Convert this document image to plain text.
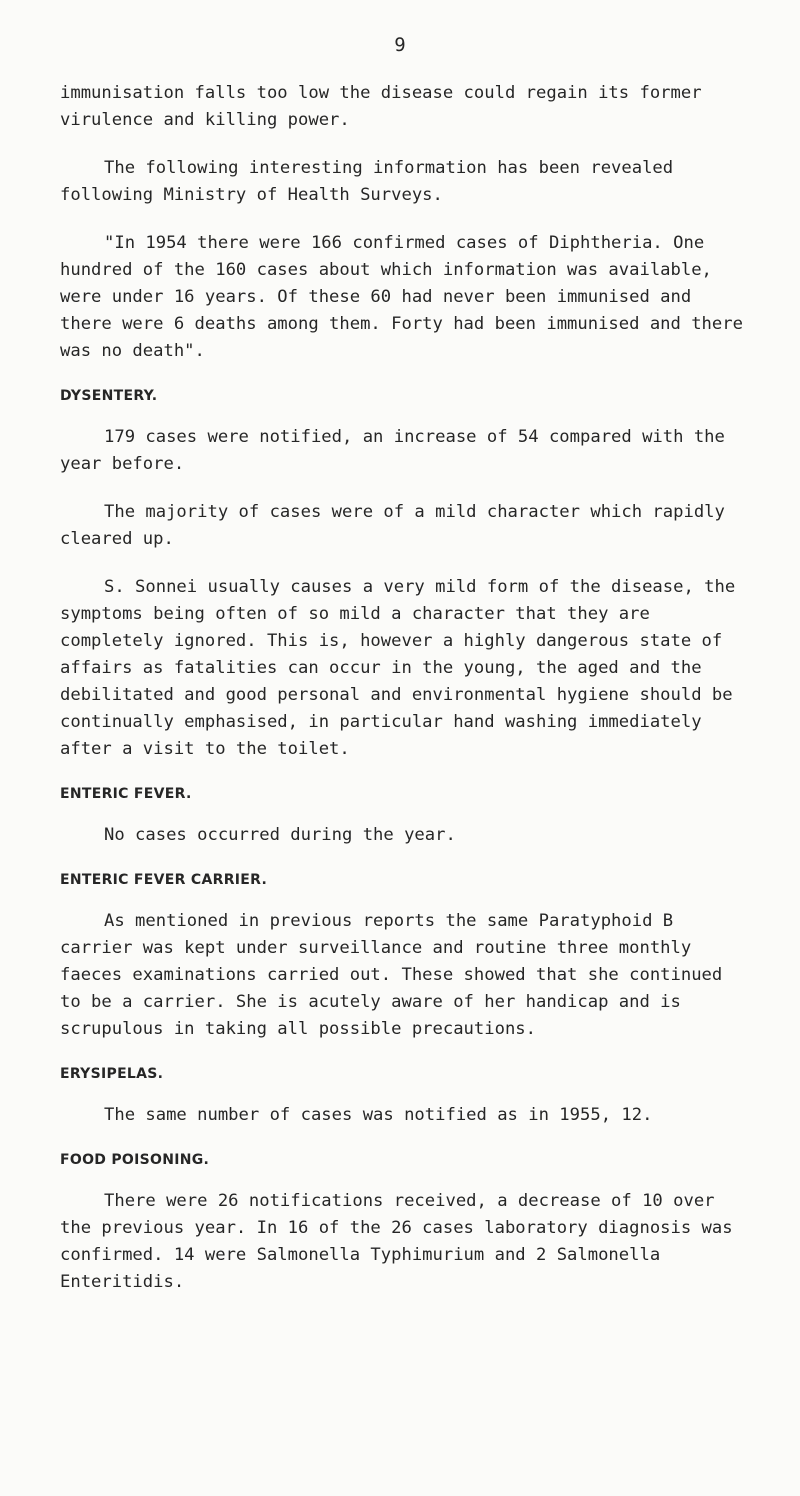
9

immunisation falls too low the disease could regain its former virulence and killing power.

The following interesting information has been revealed following Ministry of Health Surveys.

"In 1954 there were 166 confirmed cases of Diphtheria. One hundred of the 160 cases about which information was available, were under 16 years. Of these 60 had never been immunised and there were 6 deaths among them. Forty had been immunised and there was no death".

DYSENTERY.

179 cases were notified, an increase of 54 compared with the year before.

The majority of cases were of a mild character which rapidly cleared up.

S. Sonnei usually causes a very mild form of the disease, the symptoms being often of so mild a character that they are completely ignored. This is, however a highly dangerous state of affairs as fatalities can occur in the young, the aged and the debilitated and good personal and environmental hygiene should be continually emphasised, in particular hand washing immediately after a visit to the toilet.

ENTERIC FEVER.

No cases occurred during the year.

ENTERIC FEVER CARRIER.

As mentioned in previous reports the same Paratyphoid B carrier was kept under surveillance and routine three monthly faeces examinations carried out. These showed that she continued to be a carrier. She is acutely aware of her handicap and is scrupulous in taking all possible precautions.

ERYSIPELAS.

The same number of cases was notified as in 1955, 12.

FOOD POISONING.

There were 26 notifications received, a decrease of 10 over the previous year. In 16 of the 26 cases laboratory diagnosis was confirmed. 14 were Salmonella Typhimurium and 2 Salmonella Enteritidis.
